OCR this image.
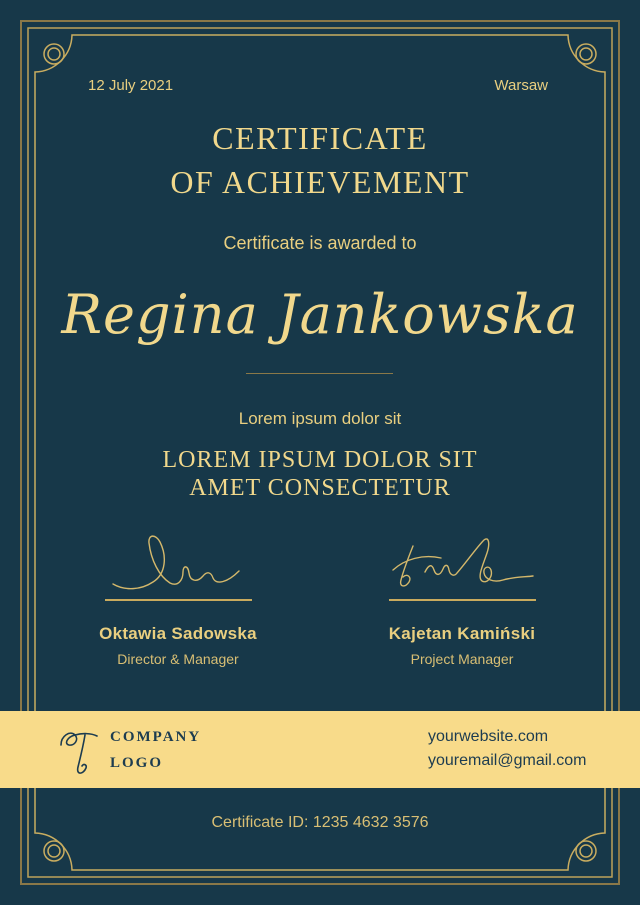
12 July 2021	Warsaw
CERTIFICATE
OF ACHIEVEMENT
Certificate is awarded to
Regina Jankowska
Lorem ipsum dolor sit
LOREM IPSUM DOLOR SIT
AMET CONSECTETUR
Oktawia Sadowska
Director & Manager
Kajetan Kamiński
Project Manager
COMPANY
LOGO
yourwebsite.com
youremail@gmail.com
Certificate ID: 1235 4632 3576
